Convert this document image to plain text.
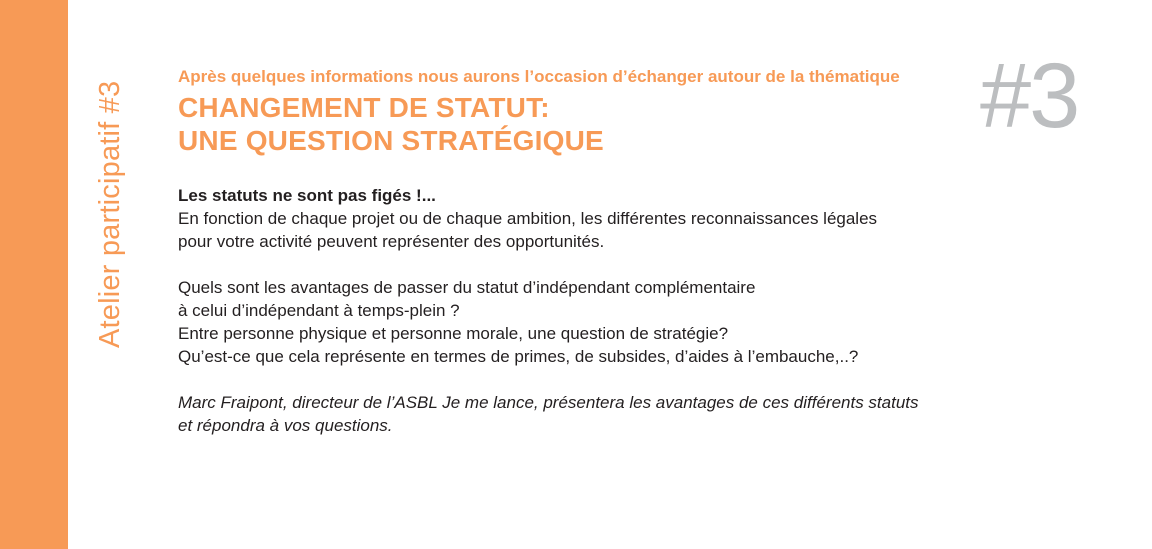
Atelier participatif #3	#3

Après quelques informations nous aurons l’occasion d’échanger autour de la thématique

CHANGEMENT DE STATUT:
UNE QUESTION STRATÉGIQUE

Les statuts ne sont pas figés !...

En fonction de chaque projet ou de chaque ambition, les différentes reconnaissances légales
pour votre activité peuvent représenter des opportunités.

Quels sont les avantages de passer du statut d’indépendant complémentaire
à celui d’indépendant à temps-plein ?
Entre personne physique et personne morale, une question de stratégie?
Qu’est-ce que cela représente en termes de primes, de subsides, d’aides à l’embauche,..?

Marc Fraipont, directeur de l’ASBL Je me lance, présentera les avantages de ces différents statuts
et répondra à vos questions.
